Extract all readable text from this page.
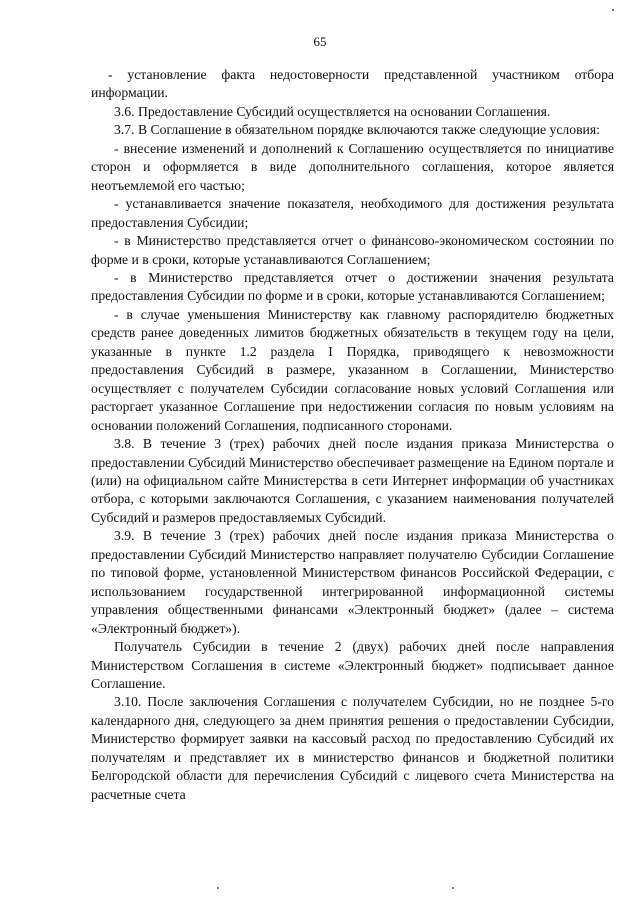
65

- установление факта недостоверности представленной участником отбора информации.

3.6. Предоставление Субсидий осуществляется на основании Соглашения.

3.7. В Соглашение в обязательном порядке включаются также следующие условия:

- внесение изменений и дополнений к Соглашению осуществляется по инициативе сторон и оформляется в виде дополнительного соглашения, которое является неотъемлемой его частью;

- устанавливается значение показателя, необходимого для достижения результата предоставления Субсидии;

- в Министерство представляется отчет о финансово-экономическом состоянии по форме и в сроки, которые устанавливаются Соглашением;

- в Министерство представляется отчет о достижении значения результата предоставления Субсидии по форме и в сроки, которые устанавливаются Соглашением;

- в случае уменьшения Министерству как главному распорядителю бюджетных средств ранее доведенных лимитов бюджетных обязательств в текущем году на цели, указанные в пункте 1.2 раздела I Порядка, приводящего к невозможности предоставления Субсидий в размере, указанном в Соглашении, Министерство осуществляет с получателем Субсидии согласование новых условий Соглашения или расторгает указанное Соглашение при недостижении согласия по новым условиям на основании положений Соглашения, подписанного сторонами.

3.8. В течение 3 (трех) рабочих дней после издания приказа Министерства о предоставлении Субсидий Министерство обеспечивает размещение на Едином портале и (или) на официальном сайте Министерства в сети Интернет информации об участниках отбора, с которыми заключаются Соглашения, с указанием наименования получателей Субсидий и размеров предоставляемых Субсидий.

3.9. В течение 3 (трех) рабочих дней после издания приказа Министерства о предоставлении Субсидий Министерство направляет получателю Субсидии Соглашение по типовой форме, установленной Министерством финансов Российской Федерации, с использованием государственной интегрированной информационной системы управления общественными финансами «Электронный бюджет» (далее – система «Электронный бюджет»).

Получатель Субсидии в течение 2 (двух) рабочих дней после направления Министерством Соглашения в системе «Электронный бюджет» подписывает данное Соглашение.

3.10. После заключения Соглашения с получателем Субсидии, но не позднее 5-го календарного дня, следующего за днем принятия решения о предоставлении Субсидии, Министерство формирует заявки на кассовый расход по предоставлению Субсидий их получателям и представляет их в министерство финансов и бюджетной политики Белгородской области для перечисления Субсидий с лицевого счета Министерства на расчетные счета
